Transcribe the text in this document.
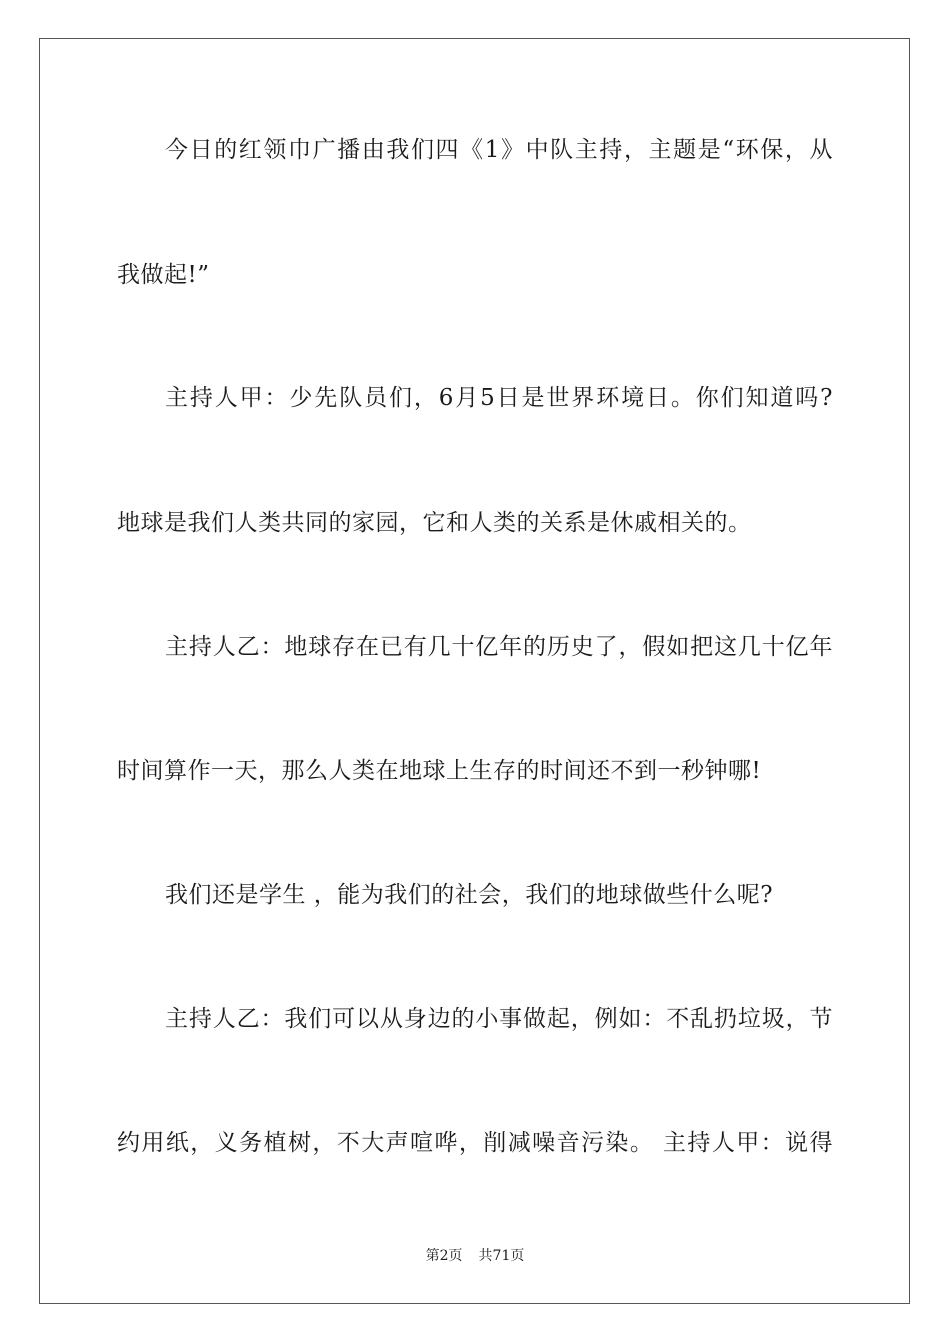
今日的红领巾广播由我们四《1》中队主持，主题是“环保，从
我做起!”
主持人甲：少先队员们，6月5日是世界环境日。你们知道吗?
地球是我们人类共同的家园，它和人类的关系是休戚相关的。
主持人乙：地球存在已有几十亿年的历史了，假如把这几十亿年
时间算作一天，那么人类在地球上生存的时间还不到一秒钟哪!
我们还是学生 ，能为我们的社会，我们的地球做些什么呢?
主持人乙：我们可以从身边的小事做起，例如：不乱扔垃圾，节
约用纸，义务植树，不大声喧哗，削减噪音污染。 主持人甲：说得
第2页 共71页
